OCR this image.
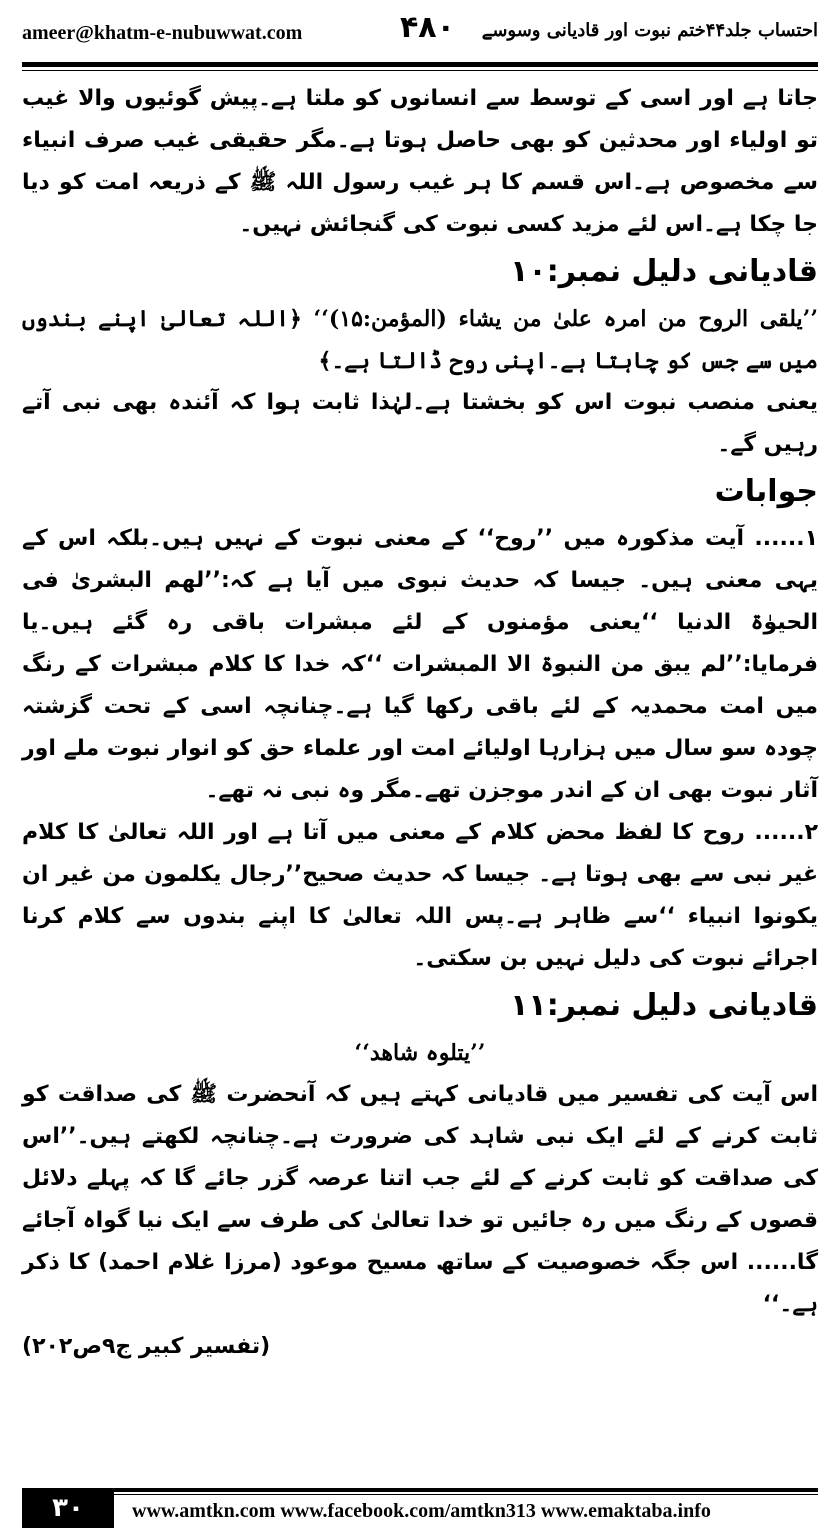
ameer@khatm-e-nubuwwat.com	۴۸۰ احتساب جلد۴۴ختم نبوت اور قادیانی وسوسے

جاتا ہے اور اسی کے توسط سے انسانوں کو ملتا ہے۔پیش گوئیوں والا غیب تو اولیاء اور محدثین کو بھی حاصل ہوتا ہے۔مگر حقیقی غیب صرف انبیاء سے مخصوص ہے۔اس قسم کا ہر غیب رسول اللہ ﷺ کے ذریعہ امت کو دیا جا چکا ہے۔اس لئے مزید کسی نبوت کی گنجائش نہیں۔

قادیانی دلیل نمبر:۱۰

’’یلقی الروح من امرہ علیٰ من یشاء (المؤمن:۱۵)‘‘ ﴿اللہ تعالیٰ اپنے بندوں میں سے جس کو چاہتا ہے۔اپنی روح ڈالتا ہے۔﴾

یعنی منصب نبوت اس کو بخشتا ہے۔لہٰذا ثابت ہوا کہ آئندہ بھی نبی آتے رہیں گے۔

جوابات

۱...... آیت مذکورہ میں ’’روح‘‘ کے معنی نبوت کے نہیں ہیں۔بلکہ اس کے یہی معنی ہیں۔ جیسا کہ حدیث نبوی میں آیا ہے کہ:’’لھم البشریٰ فی الحیوٰۃ الدنیا ‘‘یعنی مؤمنوں کے لئے مبشرات باقی رہ گئے ہیں۔یا فرمایا:’’لم یبق من النبوۃ الا المبشرات ‘‘کہ خدا کا کلام مبشرات کے رنگ میں امت محمدیہ کے لئے باقی رکھا گیا ہے۔چنانچہ اسی کے تحت گزشتہ چودہ سو سال میں ہزارہا اولیائے امت اور علماء حق کو انوار نبوت ملے اور آثار نبوت بھی ان کے اندر موجزن تھے۔مگر وہ نبی نہ تھے۔

۲...... روح کا لفظ محض کلام کے معنی میں آتا ہے اور اللہ تعالیٰ کا کلام غیر نبی سے بھی ہوتا ہے۔ جیسا کہ حدیث صحیح’’رجال یکلمون من غیر ان یکونوا انبیاء ‘‘سے ظاہر ہے۔پس اللہ تعالیٰ کا اپنے بندوں سے کلام کرنا اجرائے نبوت کی دلیل نہیں بن سکتی۔

قادیانی دلیل نمبر:۱۱

’’یتلوہ شاھد‘‘

اس آیت کی تفسیر میں قادیانی کہتے ہیں کہ آنحضرت ﷺ کی صداقت کو ثابت کرنے کے لئے ایک نبی شاہد کی ضرورت ہے۔چنانچہ لکھتے ہیں۔’’اس کی صداقت کو ثابت کرنے کے لئے جب اتنا عرصہ گزر جائے گا کہ پہلے دلائل قصوں کے رنگ میں رہ جائیں تو خدا تعالیٰ کی طرف سے ایک نیا گواہ آجائے گا...... اس جگہ خصوصیت کے ساتھ مسیح موعود (مرزا غلام احمد) کا ذکر ہے۔‘‘

(تفسیر کبیر ج۹ص۲۰۲)

۳۰	www.amtkn.com www.facebook.com/amtkn313 www.emaktaba.info
